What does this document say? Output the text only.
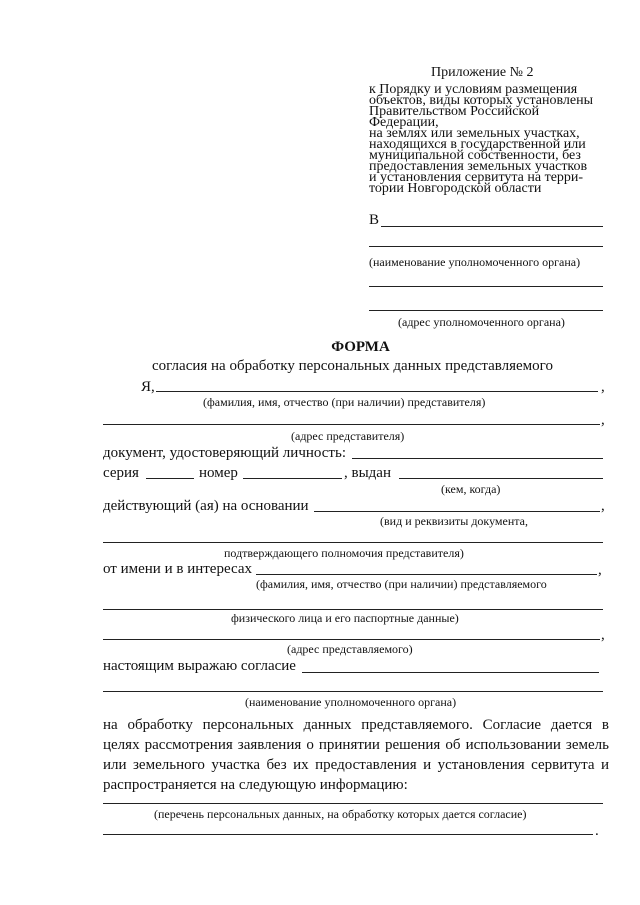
Приложение № 2
к Порядку и условиям размещения
объектов, виды которых установлены
Правительством Российской Федерации,
на землях или земельных участках,
находящихся в государственной или
муниципальной собственности, без
предоставления земельных участков
и установления сервитута на терри-
тории Новгородской области
В
(наименование уполномоченного органа)
(адрес уполномоченного органа)
ФОРМА
согласия на обработку персональных данных представляемого
Я,	,
(фамилия, имя, отчество (при наличии) представителя)
,
(адрес представителя)
документ, удостоверяющий личность:
серия	номер	, выдан
(кем, когда)
действующий (ая) на основании	,
(вид и реквизиты документа,
подтверждающего полномочия представителя)
от имени и в интересах	,
(фамилия, имя, отчество (при наличии) представляемого
физического лица и его паспортные данные)
,
(адрес представляемого)
настоящим выражаю согласие
(наименование уполномоченного органа)
на обработку персональных данных представляемого. Согласие дается в
целях рассмотрения заявления о принятии решения об использовании земель
или земельного участка без их предоставления и установления сервитута и
распространяется на следующую информацию:
(перечень персональных данных, на обработку которых дается согласие)
.
